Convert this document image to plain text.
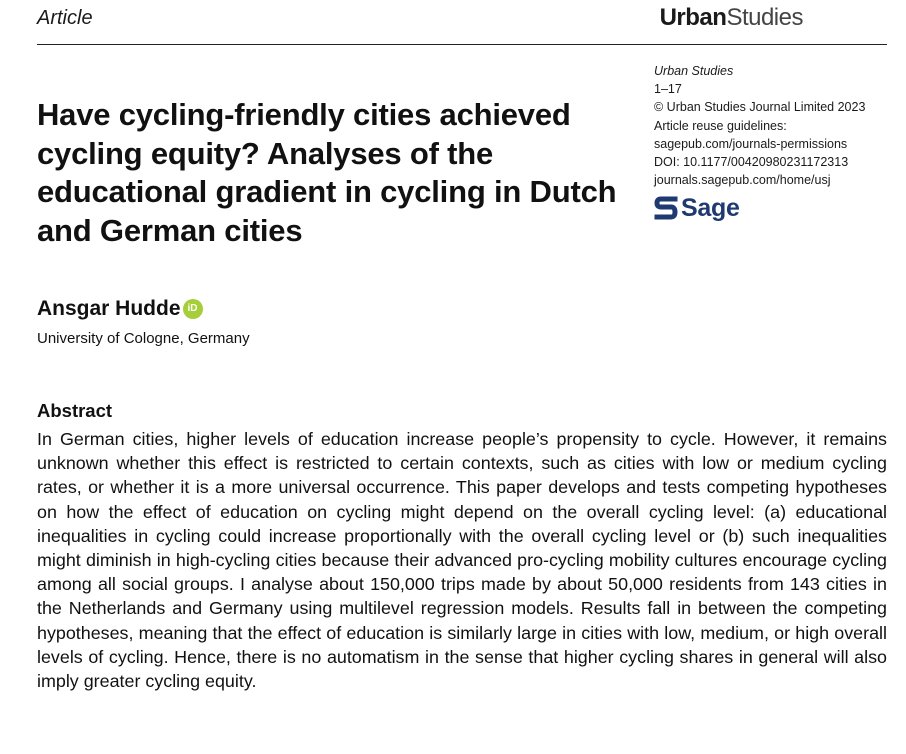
Article	UrbanStudies
Urban Studies
1–17
© Urban Studies Journal Limited 2023
Article reuse guidelines:
sagepub.com/journals-permissions
DOI: 10.1177/00420980231172313
journals.sagepub.com/home/usj
Sage
Have cycling-friendly cities achieved cycling equity? Analyses of the educational gradient in cycling in Dutch and German cities
Ansgar Hudde iD
University of Cologne, Germany
Abstract

In German cities, higher levels of education increase people’s propensity to cycle. However, it remains unknown whether this effect is restricted to certain contexts, such as cities with low or medium cycling rates, or whether it is a more universal occurrence. This paper develops and tests competing hypotheses on how the effect of education on cycling might depend on the overall cycling level: (a) educational inequalities in cycling could increase proportionally with the overall cycling level or (b) such inequalities might diminish in high-cycling cities because their advanced pro-cycling mobility cultures encourage cycling among all social groups. I analyse about 150,000 trips made by about 50,000 residents from 143 cities in the Netherlands and Germany using multilevel regression models. Results fall in between the competing hypotheses, meaning that the effect of education is similarly large in cities with low, medium, or high overall levels of cycling. Hence, there is no automatism in the sense that higher cycling shares in general will also imply greater cycling equity.
